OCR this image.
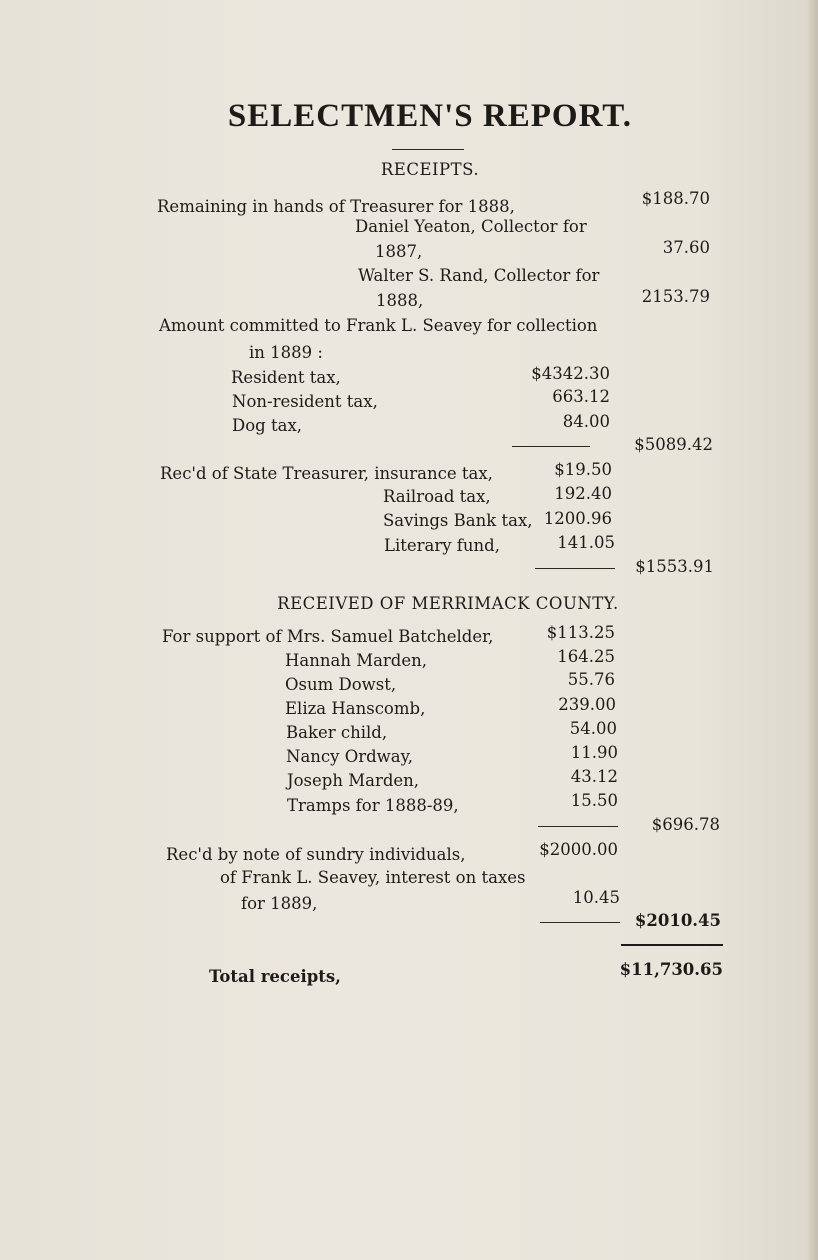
SELECTMEN'S REPORT.
RECEIPTS.
Remaining in hands of Treasurer for 1888,	$188.70
Daniel Yeaton, Collector for
1887,	37.60
Walter S. Rand, Collector for
1888,	2153.79
Amount committed to Frank L. Seavey for collection
in 1889 :
Resident tax,	$4342.30
Non-resident tax,	663.12
Dog tax,	84.00
$5089.42
Rec'd of State Treasurer, insurance tax,	$19.50
Railroad tax,	192.40
Savings Bank tax, 1200.96
Literary fund,	141.05
$1553.91
RECEIVED OF MERRIMACK COUNTY.
For support of Mrs. Samuel Batchelder,	$113.25
Hannah Marden,	164.25
Osum Dowst,	55.76
Eliza Hanscomb,	239.00
Baker child,	54.00
Nancy Ordway,	11.90
Joseph Marden,	43.12
Tramps for 1888-89,	15.50
$696.78
Rec'd by note of sundry individuals,	$2000.00
of Frank L. Seavey, interest on taxes
for 1889,	10.45
$2010.45
Total receipts,	$11,730.65
